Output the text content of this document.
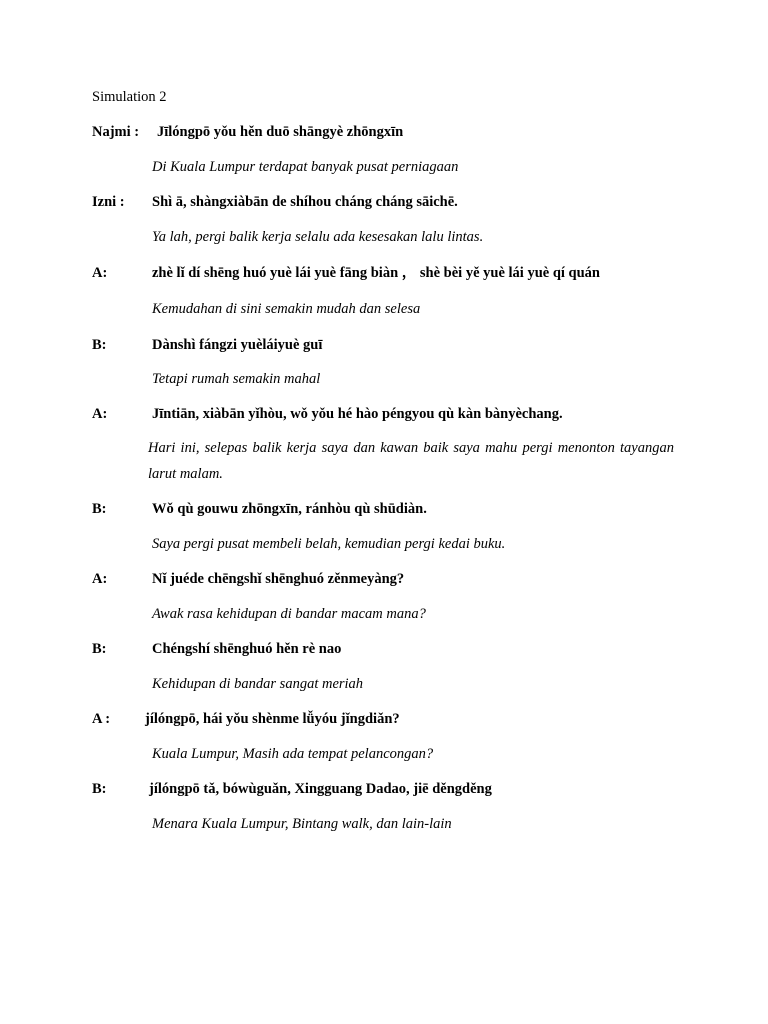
Simulation 2
Najmi : Jīlóngpō yǒu hěn duō shāngyè zhōngxīn
Di Kuala Lumpur terdapat banyak pusat perniagaan
Izni : Shì ā, shàngxiàbān de shíhou cháng cháng sāichē.
Ya lah, pergi balik kerja selalu ada kesesakan lalu lintas.
A:	zhè lǐ dí shēng huó yuè lái yuè fāng biàn ， shè bèi yě yuè lái yuè qí quán
Kemudahan di sini semakin mudah dan selesa
B:	Dànshì fángzi yuèláiyuè guī
Tetapi rumah semakin mahal
A:	Jīntiān, xiàbān yǐhòu, wǒ yǒu hé hào péngyou qù kàn bànyèchang.
Hari ini, selepas balik kerja saya dan kawan baik saya mahu pergi menonton tayangan larut malam.
B:	Wǒ qù gouwu zhōngxīn, ránhòu qù shūdiàn.
Saya pergi pusat membeli belah, kemudian pergi kedai buku.
A:	Nǐ juéde chēngshǐ shēnghuó zěnmeyàng?
Awak rasa kehidupan di bandar macam mana?
B:	Chéngshí shēnghuó hěn rè nao
Kehidupan di bandar sangat meriah
A : jílóngpō, hái yǒu shènme lǚyóu jǐngdiǎn?
Kuala Lumpur, Masih ada tempat pelancongan?
B:	jílóngpō tǎ, bówùguǎn, Xingguang Dadao, jiē děngděng
Menara Kuala Lumpur, Bintang walk, dan lain-lain
